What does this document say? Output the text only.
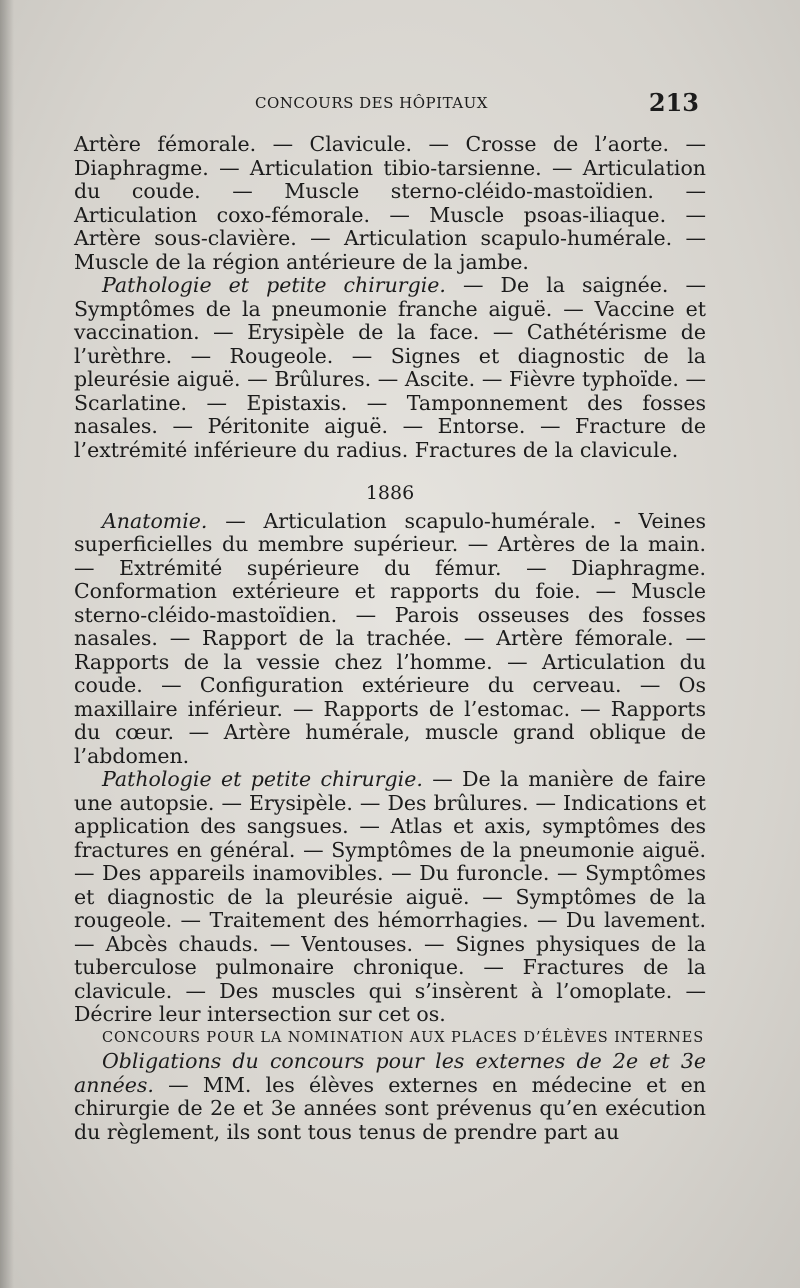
CONCOURS DES HÔPITAUX	213

Artère fémorale. — Clavicule. — Crosse de l’aorte. — Diaphragme. — Articulation tibio-tarsienne. — Articulation du coude. — Muscle sterno-cléido-mastoïdien. — Articulation coxo-fémorale. — Muscle psoas-iliaque. — Artère sous-clavière. — Articulation scapulo-humérale. — Muscle de la région antérieure de la jambe.

Pathologie et petite chirurgie. — De la saignée. — Symptômes de la pneumonie franche aiguë. — Vaccine et vaccination. — Erysipèle de la face. — Cathétérisme de l’urèthre. — Rougeole. — Signes et diagnostic de la pleurésie aiguë. — Brûlures. — Ascite. — Fièvre typhoïde. — Scarlatine. — Epistaxis. — Tamponnement des fosses nasales. — Péritonite aiguë. — Entorse. — Fracture de l’extrémité inférieure du radius. Fractures de la clavicule.

1886

Anatomie. — Articulation scapulo-humérale. - Veines superficielles du membre supérieur. — Artères de la main. — Extrémité supérieure du fémur. — Diaphragme. Conformation extérieure et rapports du foie. — Muscle sterno-cléido-mastoïdien. — Parois osseuses des fosses nasales. — Rapport de la trachée. — Artère fémorale. — Rapports de la vessie chez l’homme. — Articulation du coude. — Configuration extérieure du cerveau. — Os maxillaire inférieur. — Rapports de l’estomac. — Rapports du cœur. — Artère humérale, muscle grand oblique de l’abdomen.

Pathologie et petite chirurgie. — De la manière de faire une autopsie. — Erysipèle. — Des brûlures. — Indications et application des sangsues. — Atlas et axis, symptômes des fractures en général. — Symptômes de la pneumonie aiguë. — Des appareils inamovibles. — Du furoncle. — Symptômes et diagnostic de la pleurésie aiguë. — Symptômes de la rougeole. — Traitement des hémorrhagies. — Du lavement. — Abcès chauds. — Ventouses. — Signes physiques de la tuberculose pulmonaire chronique. — Fractures de la clavicule. — Des muscles qui s’insèrent à l’omoplate. — Décrire leur intersection sur cet os.

CONCOURS POUR LA NOMINATION AUX PLACES D’ÉLÈVES INTERNES

Obligations du concours pour les externes de 2e et 3e années. — MM. les élèves externes en médecine et en chirurgie de 2e et 3e années sont prévenus qu’en exécution du règlement, ils sont tous tenus de prendre part au
